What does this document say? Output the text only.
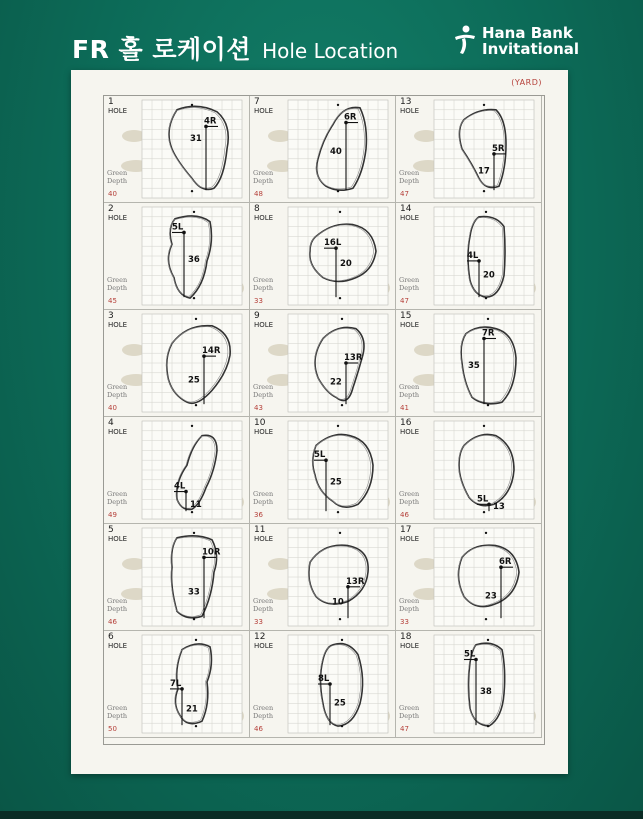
FR 홀 로케이션 Hole Location
Hana Bank
Invitational
(YARD)
4R
31
1
HOLE
Green
Depth
40
5L
36
2
HOLE
Green
Depth
45
14R
25
3
HOLE
Green
Depth
40
4L
11
4
HOLE
Green
Depth
49
10R
33
5
HOLE
Green
Depth
46
7L
21
6
HOLE
Green
Depth
50
6R
40
7
HOLE
Green
Depth
48
16L
20
8
HOLE
Green
Depth
33
13R
22
9
HOLE
Green
Depth
43
5L
25
10
HOLE
Green
Depth
36
13R
10
11
HOLE
Green
Depth
33
8L
25
12
HOLE
Green
Depth
46
5R
17
13
HOLE
Green
Depth
47
4L
20
14
HOLE
Green
Depth
47
7R
35
15
HOLE
Green
Depth
41
5L
13
16
HOLE
Green
Depth
46
6R
23
17
HOLE
Green
Depth
33
5L
38
18
HOLE
Green
Depth
47
